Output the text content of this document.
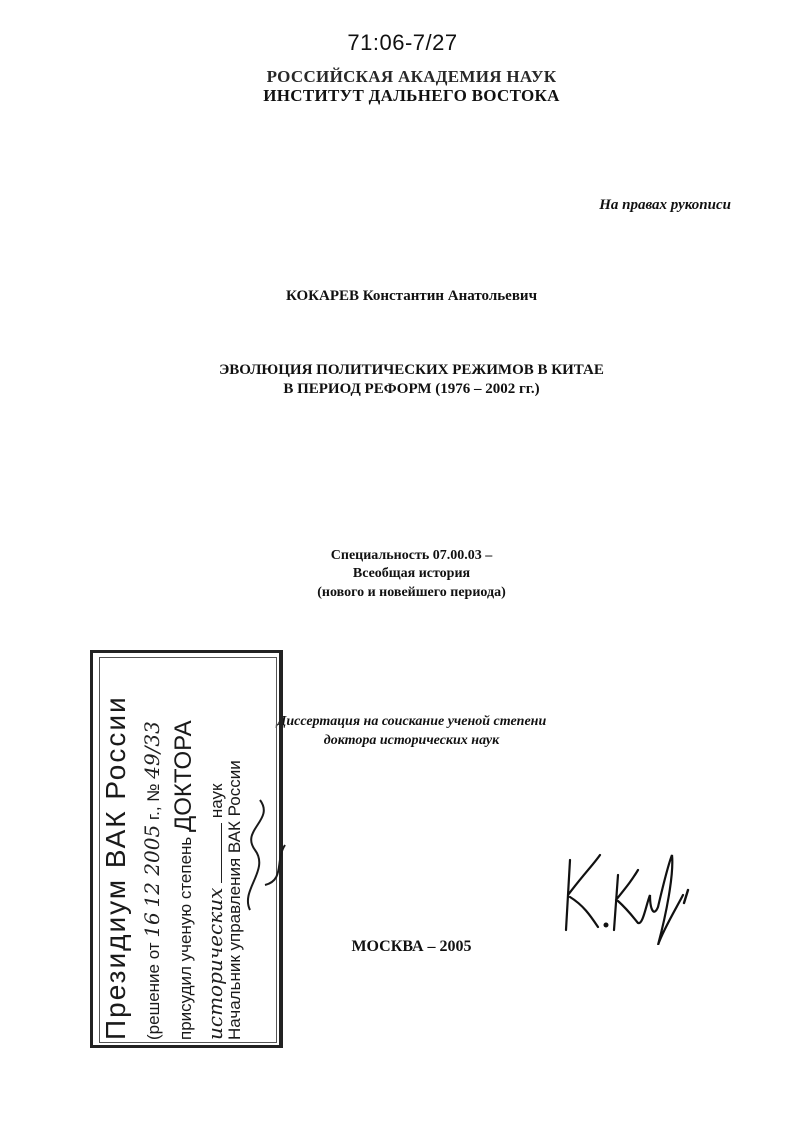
71:06-7/27
РОССИЙСКАЯ АКАДЕМИЯ НАУК
ИНСТИТУТ ДАЛЬНЕГО ВОСТОКА
На правах рукописи
КОКАРЕВ Константин Анатольевич
ЭВОЛЮЦИЯ ПОЛИТИЧЕСКИХ РЕЖИМОВ В КИТАЕ
В ПЕРИОД РЕФОРМ (1976 – 2002 гг.)
Специальность 07.00.03 –
Всеобщая история
(нового и новейшего периода)
Диссертация на соискание ученой степени
доктора исторических наук
МОСКВА – 2005
Президиум ВАК России (решение от 16 12 2005 г., № 49/33
присудил ученую степень ДОКТОРА
исторических  наук Начальник управления ВАК России
